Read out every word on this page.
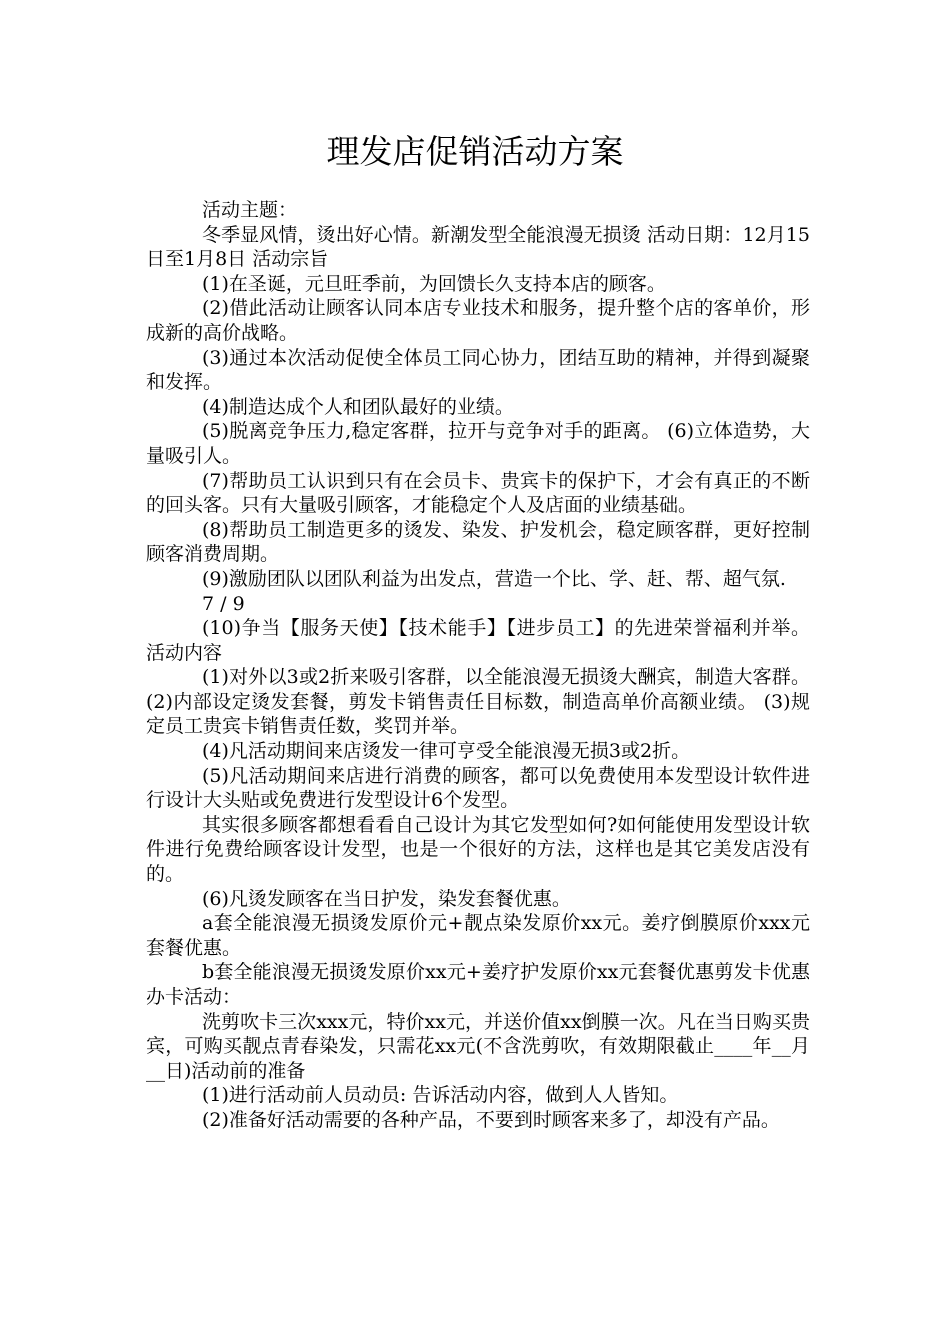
理发店促销活动方案

活动主题：

冬季显风情，烫出好心情。新潮发型全能浪漫无损烫 活动日期：12月15日至1月8日 活动宗旨

(1)在圣诞，元旦旺季前，为回馈长久支持本店的顾客。

(2)借此活动让顾客认同本店专业技术和服务，提升整个店的客单价，形成新的高价战略。

(3)通过本次活动促使全体员工同心协力，团结互助的精神，并得到凝聚和发挥。

(4)制造达成个人和团队最好的业绩。

(5)脱离竞争压力,稳定客群，拉开与竞争对手的距离。 (6)立体造势，大量吸引人。

(7)帮助员工认识到只有在会员卡、贵宾卡的保护下，才会有真正的不断的回头客。只有大量吸引顾客，才能稳定个人及店面的业绩基础。

(8)帮助员工制造更多的烫发、染发、护发机会，稳定顾客群，更好控制顾客消费周期。

(9)激励团队以团队利益为出发点，营造一个比、学、赶、帮、超气氛.

7 / 9

(10)争当【服务天使】【技术能手】【进步员工】的先进荣誉福利并举。活动内容

(1)对外以3或2折来吸引客群，以全能浪漫无损烫大酬宾，制造大客群。 (2)内部设定烫发套餐，剪发卡销售责任目标数，制造高单价高额业绩。 (3)规定员工贵宾卡销售责任数，奖罚并举。

(4)凡活动期间来店烫发一律可亨受全能浪漫无损3或2折。

(5)凡活动期间来店进行消费的顾客，都可以免费使用本发型设计软件进行设计大头贴或免费进行发型设计6个发型。

其实很多顾客都想看看自己设计为其它发型如何?如何能使用发型设计软件进行免费给顾客设计发型，也是一个很好的方法，这样也是其它美发店没有的。

(6)凡烫发顾客在当日护发，染发套餐优惠。

a套全能浪漫无损烫发原价元+靓点染发原价xx元。姜疗倒膜原价xxx元套餐优惠。

b套全能浪漫无损烫发原价xx元+姜疗护发原价xx元套餐优惠剪发卡优惠办卡活动：

洗剪吹卡三次xxx元，特价xx元，并送价值xx倒膜一次。凡在当日购买贵宾，可购买靓点青春染发，只需花xx元(不含洗剪吹，有效期限截止____年__月__日)活动前的准备

(1)进行活动前人员动员: 告诉活动内容，做到人人皆知。

(2)准备好活动需要的各种产品，不要到时顾客来多了，却没有产品。
